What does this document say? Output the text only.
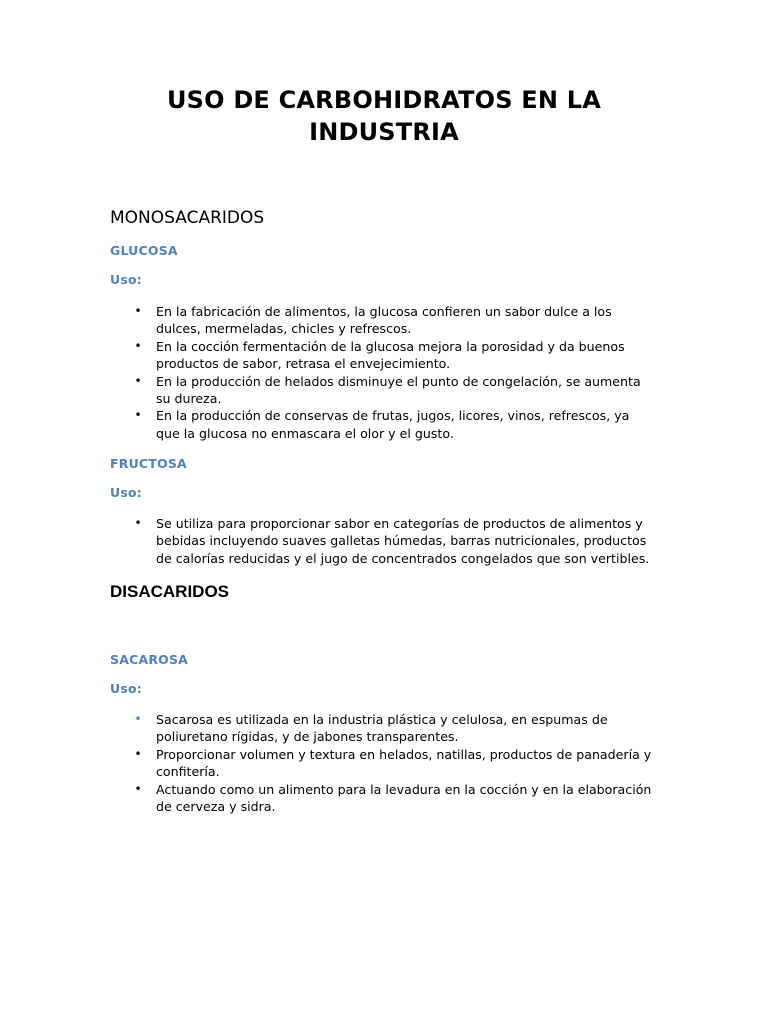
USO DE CARBOHIDRATOS EN LA INDUSTRIA
MONOSACARIDOS
GLUCOSA
Uso:
• En la fabricación de alimentos, la glucosa confieren un sabor dulce a los dulces, mermeladas, chicles y refrescos.
• En la cocción fermentación de la glucosa mejora la porosidad y da buenos productos de sabor, retrasa el envejecimiento.
• En la producción de helados disminuye el punto de congelación, se aumenta su dureza.
• En la producción de conservas de frutas, jugos, licores, vinos, refrescos, ya que la glucosa no enmascara el olor y el gusto.
FRUCTOSA
Uso:
• Se utiliza para proporcionar sabor en categorías de productos de alimentos y bebidas incluyendo suaves galletas húmedas, barras nutricionales, productos de calorías reducidas y el jugo de concentrados congelados que son vertibles.
DISACARIDOS
SACAROSA
Uso:
• Sacarosa es utilizada en la industria plástica y celulosa, en espumas de poliuretano rígidas, y de jabones transparentes.
• Proporcionar volumen y textura en helados, natillas, productos de panadería y confitería.
• Actuando como un alimento para la levadura en la cocción y en la elaboración de cerveza y sidra.
